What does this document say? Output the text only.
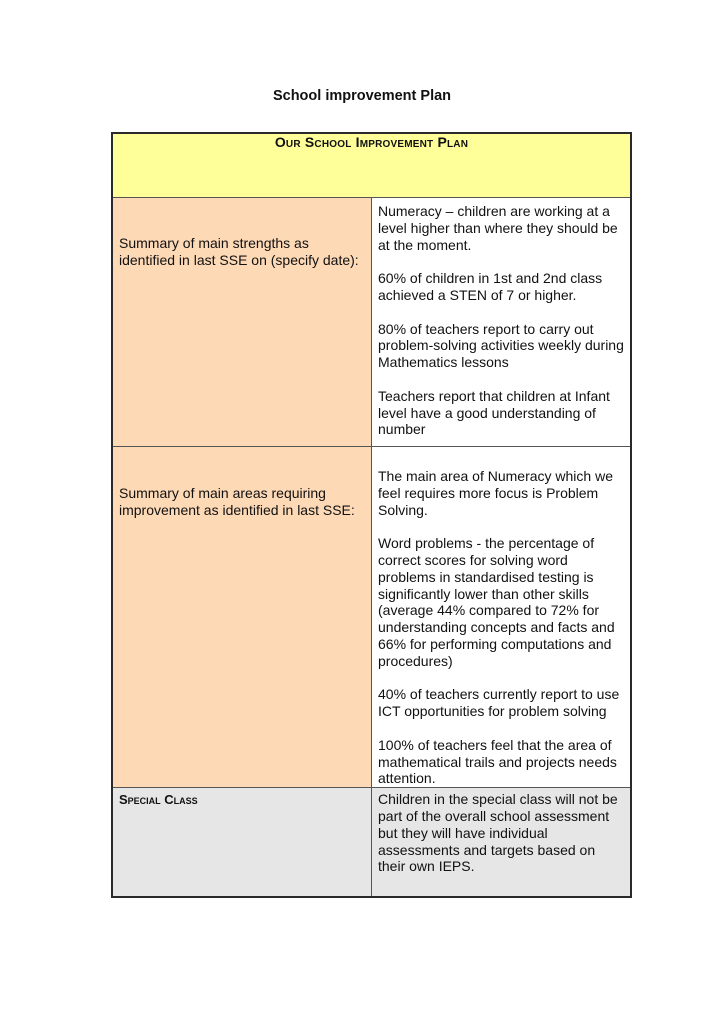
School improvement Plan
Our School Improvement Plan	

Summary of main strengths as identified in last SSE on (specify date):	Numeracy – children are working at a level higher than where they should be at the moment.

60% of children in 1st and 2nd class achieved a STEN of 7 or higher.

80% of teachers report to carry out problem-solving activities weekly during Mathematics lessons

Teachers report that children at Infant level have a good understanding of number

Summary of main areas requiring improvement as identified in last SSE:	The main area of Numeracy which we feel requires more focus is Problem Solving.

Word problems - the percentage of correct scores for solving word problems in standardised testing is significantly lower than other skills (average 44% compared to 72% for understanding concepts and facts and 66% for performing computations and procedures)

40% of teachers currently report to use ICT opportunities for problem solving

100% of teachers feel that the area of mathematical trails and projects needs attention.

Special Class	Children in the special class will not be part of the overall school assessment but they will have individual assessments and targets based on their own IEPS.
